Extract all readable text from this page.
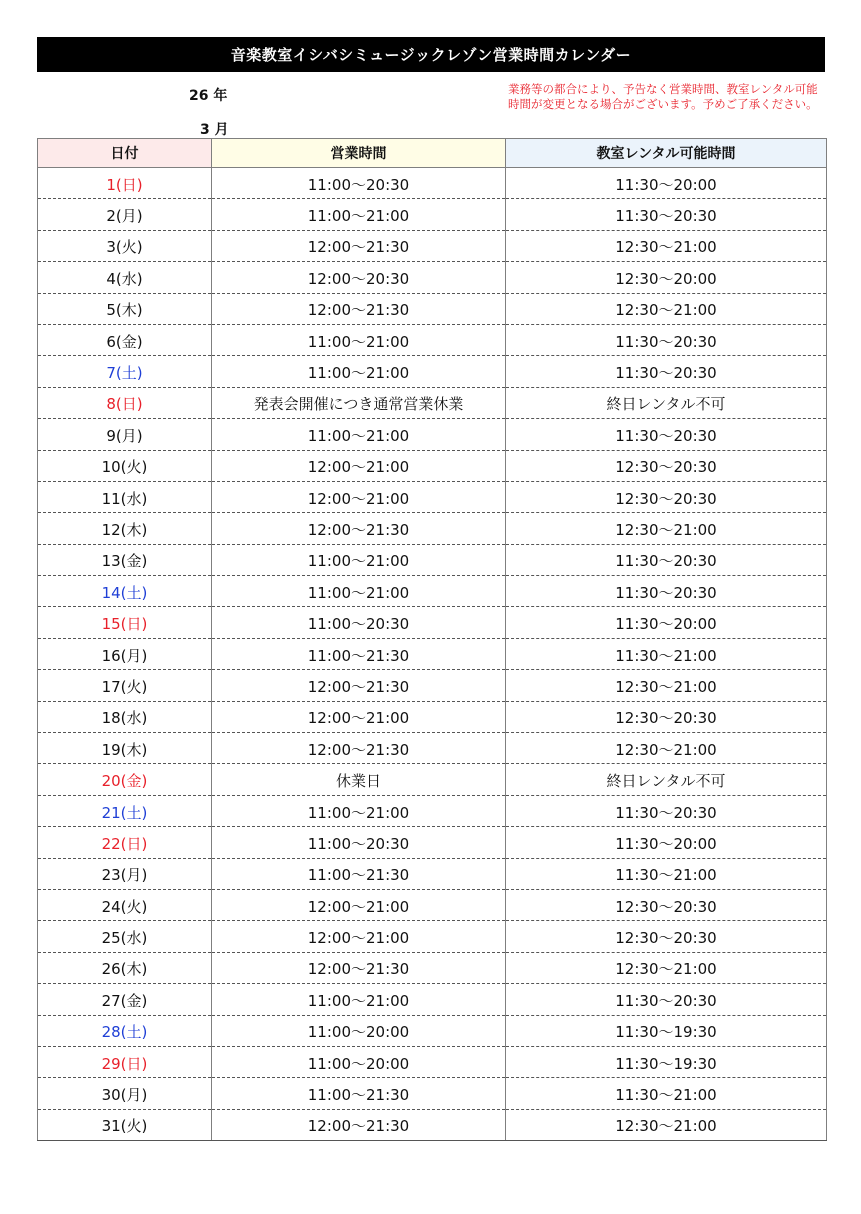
音楽教室イシバシミュージックレゾン営業時間カレンダー
26 年
3 月
業務等の都合により、予告なく営業時間、教室レンタル可能時間が変更となる場合がございます。予めご了承ください。
日付	営業時間	教室レンタル可能時間
1(日)	11:00～20:30	11:30～20:00
2(月)	11:00～21:00	11:30～20:30
3(火)	12:00～21:30	12:30～21:00
4(水)	12:00～20:30	12:30～20:00
5(木)	12:00～21:30	12:30～21:00
6(金)	11:00～21:00	11:30～20:30
7(土)	11:00～21:00	11:30～20:30
8(日)	発表会開催につき通常営業休業	終日レンタル不可
9(月)	11:00～21:00	11:30～20:30
10(火)	12:00～21:00	12:30～20:30
11(水)	12:00～21:00	12:30～20:30
12(木)	12:00～21:30	12:30～21:00
13(金)	11:00～21:00	11:30～20:30
14(土)	11:00～21:00	11:30～20:30
15(日)	11:00～20:30	11:30～20:00
16(月)	11:00～21:30	11:30～21:00
17(火)	12:00～21:30	12:30～21:00
18(水)	12:00～21:00	12:30～20:30
19(木)	12:00～21:30	12:30～21:00
20(金)	休業日	終日レンタル不可
21(土)	11:00～21:00	11:30～20:30
22(日)	11:00～20:30	11:30～20:00
23(月)	11:00～21:30	11:30～21:00
24(火)	12:00～21:00	12:30～20:30
25(水)	12:00～21:00	12:30～20:30
26(木)	12:00～21:30	12:30～21:00
27(金)	11:00～21:00	11:30～20:30
28(土)	11:00～20:00	11:30～19:30
29(日)	11:00～20:00	11:30～19:30
30(月)	11:00～21:30	11:30～21:00
31(火)	12:00～21:30	12:30～21:00
